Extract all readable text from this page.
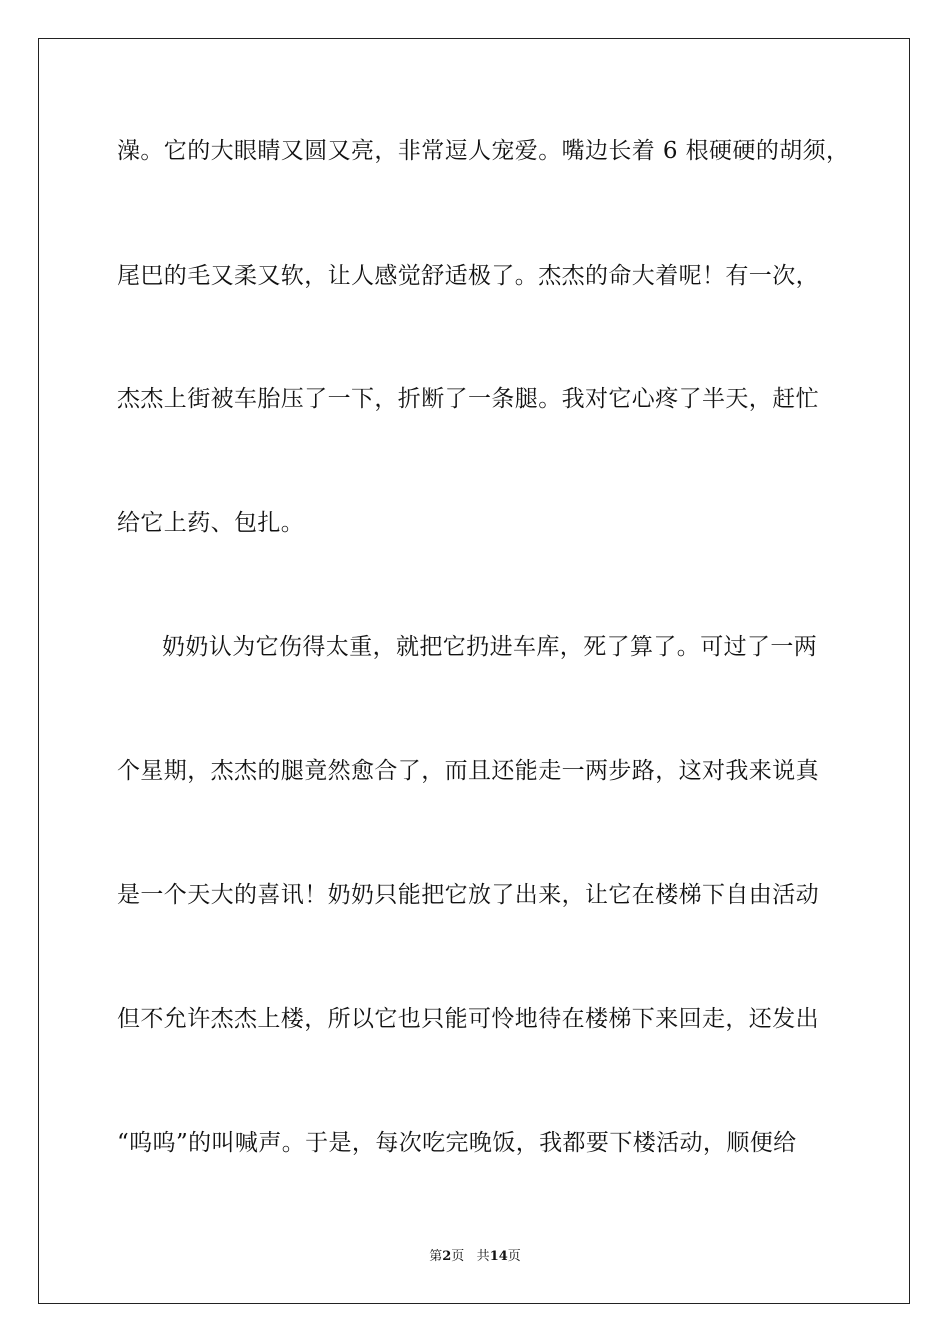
澡。它的大眼睛又圆又亮，非常逗人宠爱。嘴边长着 6 根硬硬的胡须，
尾巴的毛又柔又软，让人感觉舒适极了。杰杰的命大着呢！有一次，
杰杰上街被车胎压了一下，折断了一条腿。我对它心疼了半天，赶忙
给它上药、包扎。
奶奶认为它伤得太重，就把它扔进车库，死了算了。可过了一两
个星期，杰杰的腿竟然愈合了，而且还能走一两步路，这对我来说真
是一个天大的喜讯！奶奶只能把它放了出来，让它在楼梯下自由活动
但不允许杰杰上楼，所以它也只能可怜地待在楼梯下来回走，还发出
“呜呜”的叫喊声。于是，每次吃完晚饭，我都要下楼活动，顺便给
第2页 共14页
